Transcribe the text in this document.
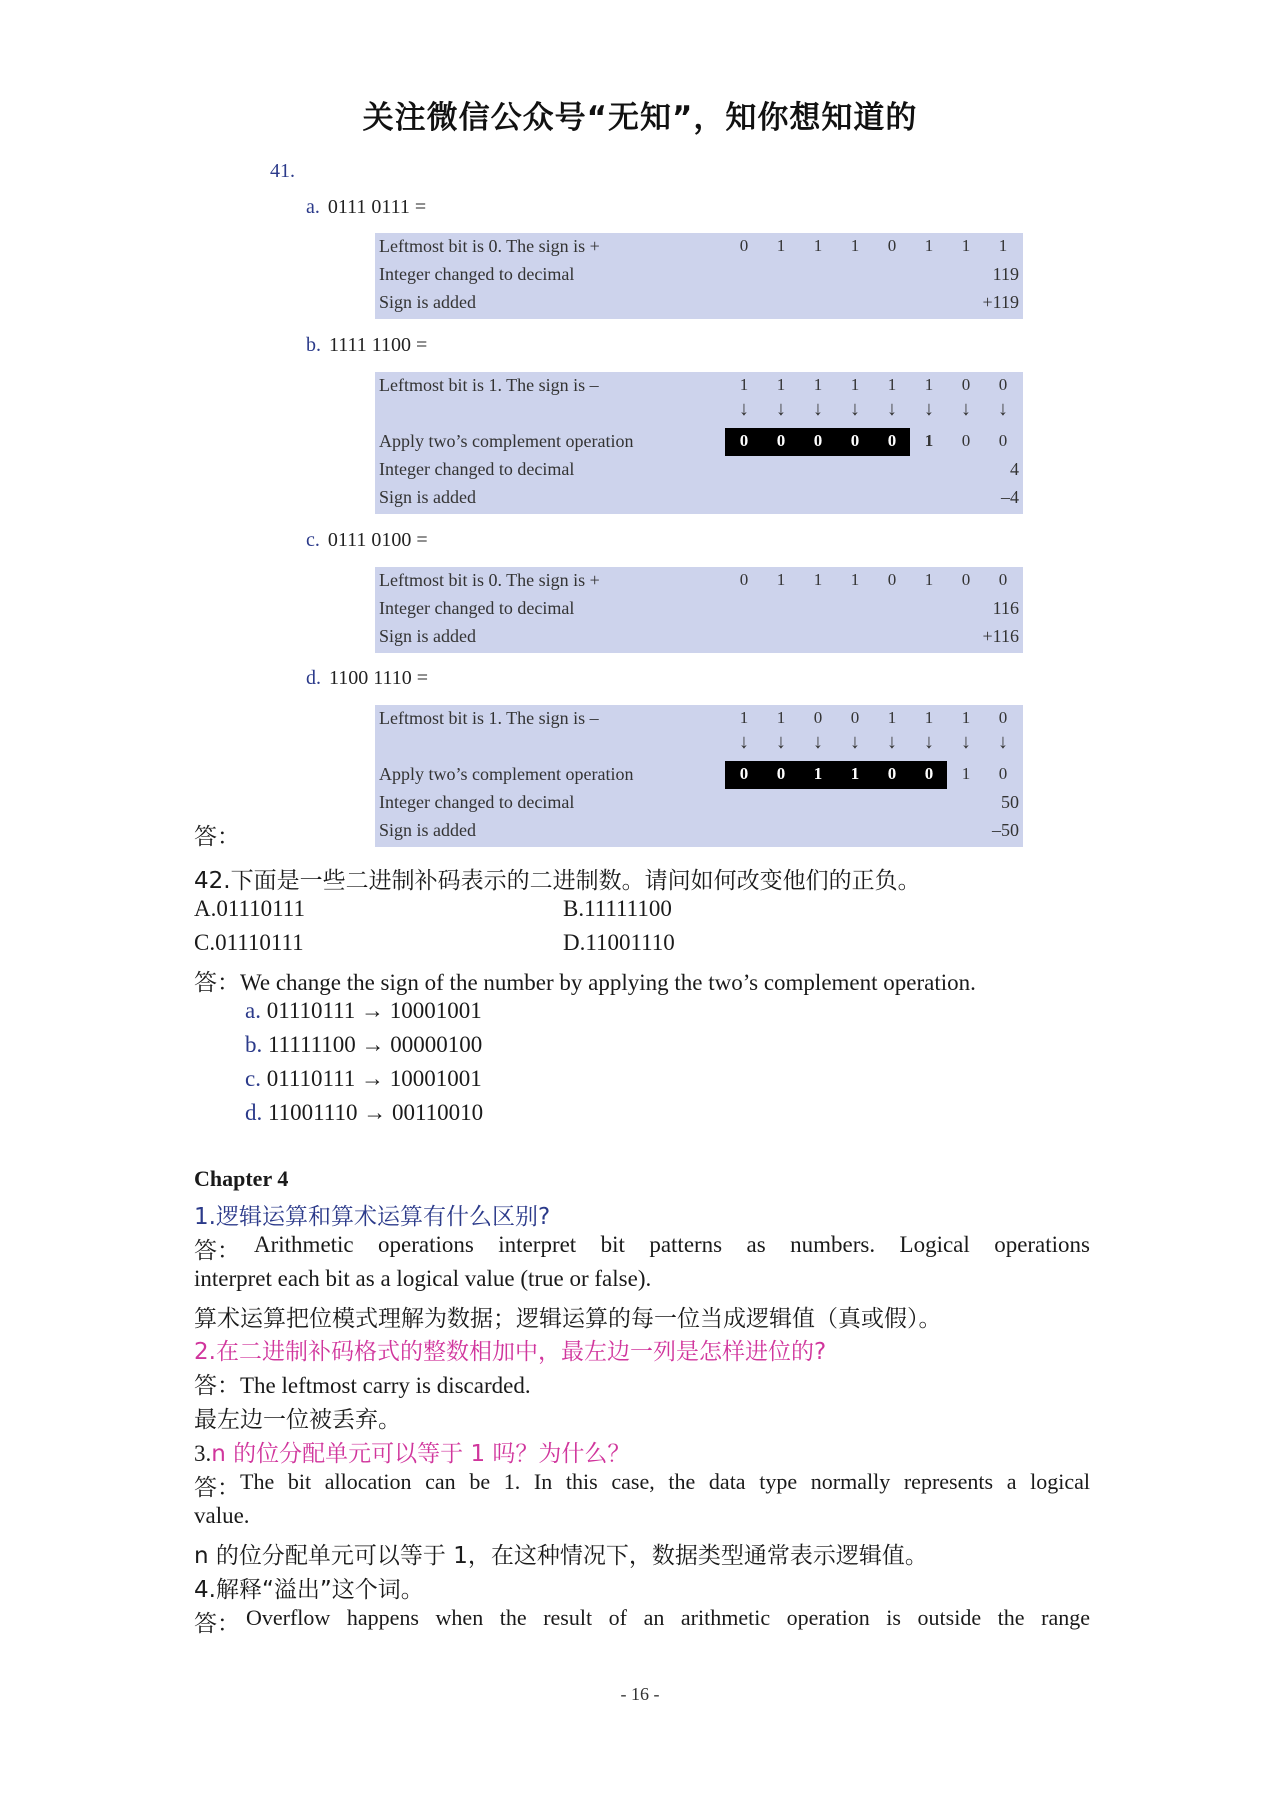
关注微信公众号“无知”，知你想知道的
41.
a. 0111 0111 =
Leftmost bit is 0. The sign is +	0	1	1	1	0	1	1	1
Integer changed to decimal	119
Sign is added	+119
b. 1111 1100 =
Leftmost bit is 1. The sign is –	1	1	1	1	1	1	0	0
↓	↓	↓	↓	↓	↓	↓	↓
Apply two’s complement operation	0	0	0	0	0	1	0	0
Integer changed to decimal	4
Sign is added	–4
c. 0111 0100 =
Leftmost bit is 0. The sign is +	0	1	1	1	0	1	0	0
Integer changed to decimal	116
Sign is added	+116
d. 1100 1110 =
Leftmost bit is 1. The sign is –	1	1	0	0	1	1	1	0
↓	↓	↓	↓	↓	↓	↓	↓
Apply two’s complement operation	0	0	1	1	0	0	1	0
Integer changed to decimal	50
Sign is added	–50
答：
42.下面是一些二进制补码表示的二进制数。请问如何改变他们的正负。
A.01110111	B.11111100
C.01110111	D.11001110
答：We change the sign of the number by applying the two’s complement operation.
a. 01110111 → 10001001
b. 11111100 → 00000100
c. 01110111 → 10001001
d. 11001110 → 00110010
Chapter 4
1.逻辑运算和算术运算有什么区别?
答： Arithmetic operations interpret bit patterns as numbers. Logical operations
interpret each bit as a logical value (true or false).
算术运算把位模式理解为数据；逻辑运算的每一位当成逻辑值（真或假）。
2.在二进制补码格式的整数相加中，最左边一列是怎样进位的?
答：The leftmost carry is discarded.
最左边一位被丢弃。
3.n 的位分配单元可以等于 1 吗？为什么？
答： The bit allocation can be 1. In this case, the data type normally represents a logical
value.
n 的位分配单元可以等于 1，在这种情况下，数据类型通常表示逻辑值。
4.解释“溢出”这个词。
答： Overflow happens when the result of an arithmetic operation is outside the range
- 16 -
